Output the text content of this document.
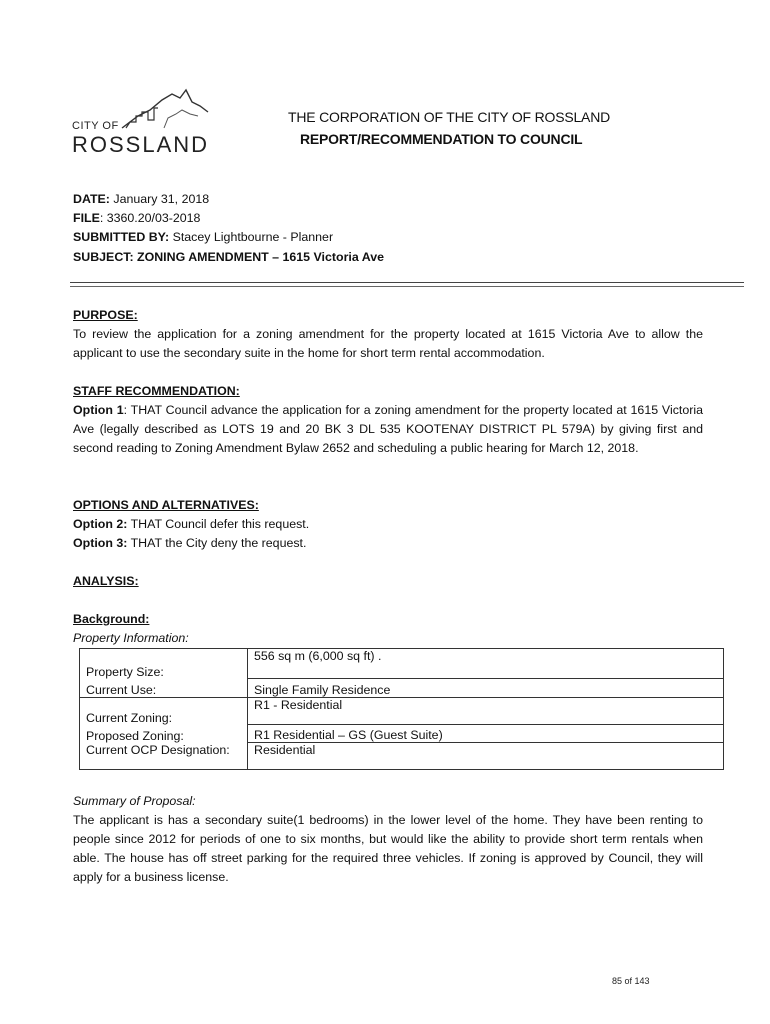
CITY OF
ROSSLAND
THE CORPORATION OF THE CITY OF ROSSLAND
REPORT/RECOMMENDATION TO COUNCIL
DATE: January 31, 2018
FILE: 3360.20/03-2018
SUBMITTED BY: Stacey Lightbourne - Planner
SUBJECT: ZONING AMENDMENT – 1615 Victoria Ave
PURPOSE:
To review the application for a zoning amendment for the property located at 1615 Victoria Ave to allow the applicant to use the secondary suite in the home for short term rental accommodation.
STAFF RECOMMENDATION:
Option 1: THAT Council advance the application for a zoning amendment for the property located at 1615 Victoria Ave (legally described as LOTS 19 and 20 BK 3 DL 535 KOOTENAY DISTRICT PL 579A) by giving first and second reading to Zoning Amendment Bylaw 2652 and scheduling a public hearing for March 12, 2018.
OPTIONS AND ALTERNATIVES:
Option 2: THAT Council defer this request.
Option 3: THAT the City deny the request.
ANALYSIS:
Background:
Property Information:
Property Size:	556 sq m (6,000 sq ft) .
Current Use:	Single Family Residence
Current Zoning:	R1 - Residential
Proposed Zoning:	R1 Residential – GS (Guest Suite)
Current OCP Designation:	Residential
Summary of Proposal:
The applicant is has a secondary suite(1 bedrooms) in the lower level of the home. They have been renting to people since 2012 for periods of one to six months, but would like the ability to provide short term rentals when able. The house has off street parking for the required three vehicles. If zoning is approved by Council, they will apply for a business license.
85 of 143
